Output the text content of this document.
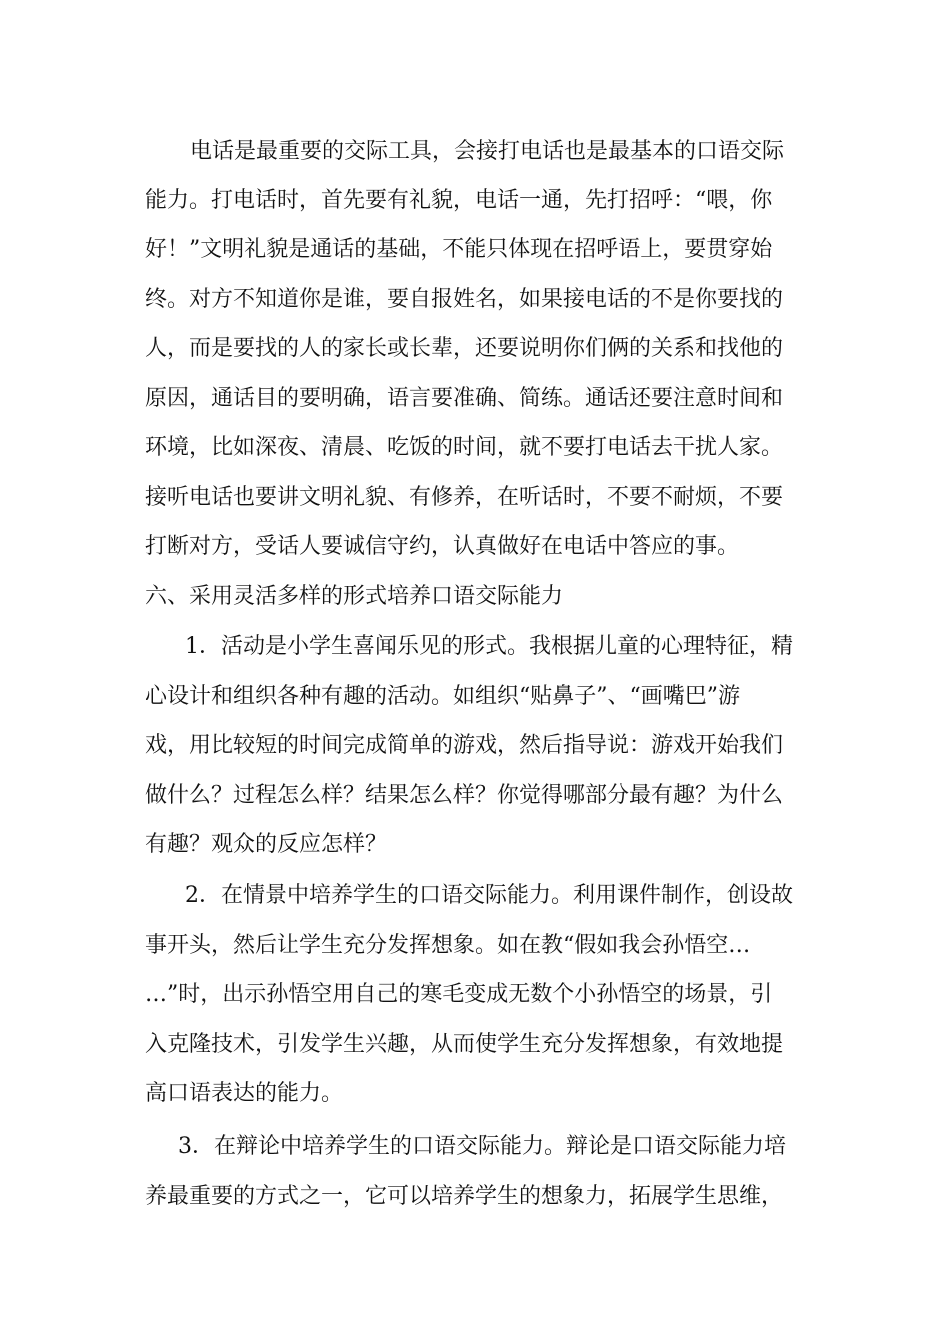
电话是最重要的交际工具，会接打电话也是最基本的口语交际
能力。打电话时，首先要有礼貌，电话一通，先打招呼：“喂，你
好！”文明礼貌是通话的基础，不能只体现在招呼语上，要贯穿始
终。对方不知道你是谁，要自报姓名，如果接电话的不是你要找的
人，而是要找的人的家长或长辈，还要说明你们俩的关系和找他的
原因，通话目的要明确，语言要准确、简练。通话还要注意时间和
环境，比如深夜、清晨、吃饭的时间，就不要打电话去干扰人家。
接听电话也要讲文明礼貌、有修养，在听话时，不要不耐烦，不要
打断对方，受话人要诚信守约，认真做好在电话中答应的事。
六、采用灵活多样的形式培养口语交际能力
1．活动是小学生喜闻乐见的形式。我根据儿童的心理特征，精
心设计和组织各种有趣的活动。如组织“贴鼻子”、“画嘴巴”游
戏，用比较短的时间完成简单的游戏，然后指导说：游戏开始我们
做什么？过程怎么样？结果怎么样？你觉得哪部分最有趣？为什么
有趣？观众的反应怎样？
2．在情景中培养学生的口语交际能力。利用课件制作，创设故
事开头，然后让学生充分发挥想象。如在教“假如我会孙悟空…
…”时，出示孙悟空用自己的寒毛变成无数个小孙悟空的场景，引
入克隆技术，引发学生兴趣，从而使学生充分发挥想象，有效地提
高口语表达的能力。
3．在辩论中培养学生的口语交际能力。辩论是口语交际能力培
养最重要的方式之一，它可以培养学生的想象力，拓展学生思维，
